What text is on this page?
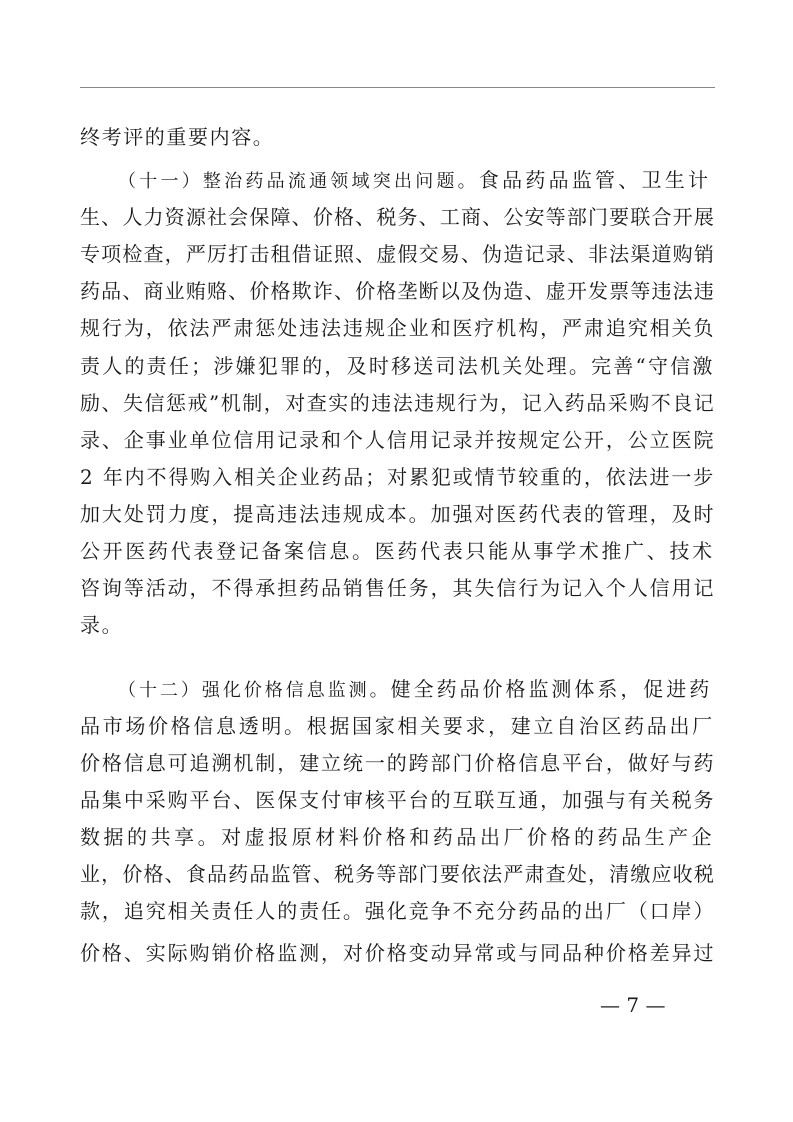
终考评的重要内容。
（十一）整治药品流通领域突出问题。食品药品监管、卫生计
生、人力资源社会保障、价格、税务、工商、公安等部门要联合开展
专项检查，严厉打击租借证照、虚假交易、伪造记录、非法渠道购销
药品、商业贿赂、价格欺诈、价格垄断以及伪造、虚开发票等违法违
规行为，依法严肃惩处违法违规企业和医疗机构，严肃追究相关负
责人的责任；涉嫌犯罪的，及时移送司法机关处理。完善“守信激
励、失信惩戒”机制，对查实的违法违规行为，记入药品采购不良记
录、企事业单位信用记录和个人信用记录并按规定公开，公立医院
2 年内不得购入相关企业药品；对累犯或情节较重的，依法进一步
加大处罚力度，提高违法违规成本。加强对医药代表的管理，及时
公开医药代表登记备案信息。医药代表只能从事学术推广、技术
咨询等活动，不得承担药品销售任务，其失信行为记入个人信用记
录。
（十二）强化价格信息监测。健全药品价格监测体系，促进药
品市场价格信息透明。根据国家相关要求，建立自治区药品出厂
价格信息可追溯机制，建立统一的跨部门价格信息平台，做好与药
品集中采购平台、医保支付审核平台的互联互通，加强与有关税务
数据的共享。对虚报原材料价格和药品出厂价格的药品生产企
业，价格、食品药品监管、税务等部门要依法严肃查处，清缴应收税
款，追究相关责任人的责任。强化竞争不充分药品的出厂（口岸）
价格、实际购销价格监测，对价格变动异常或与同品种价格差异过
— 7 —
